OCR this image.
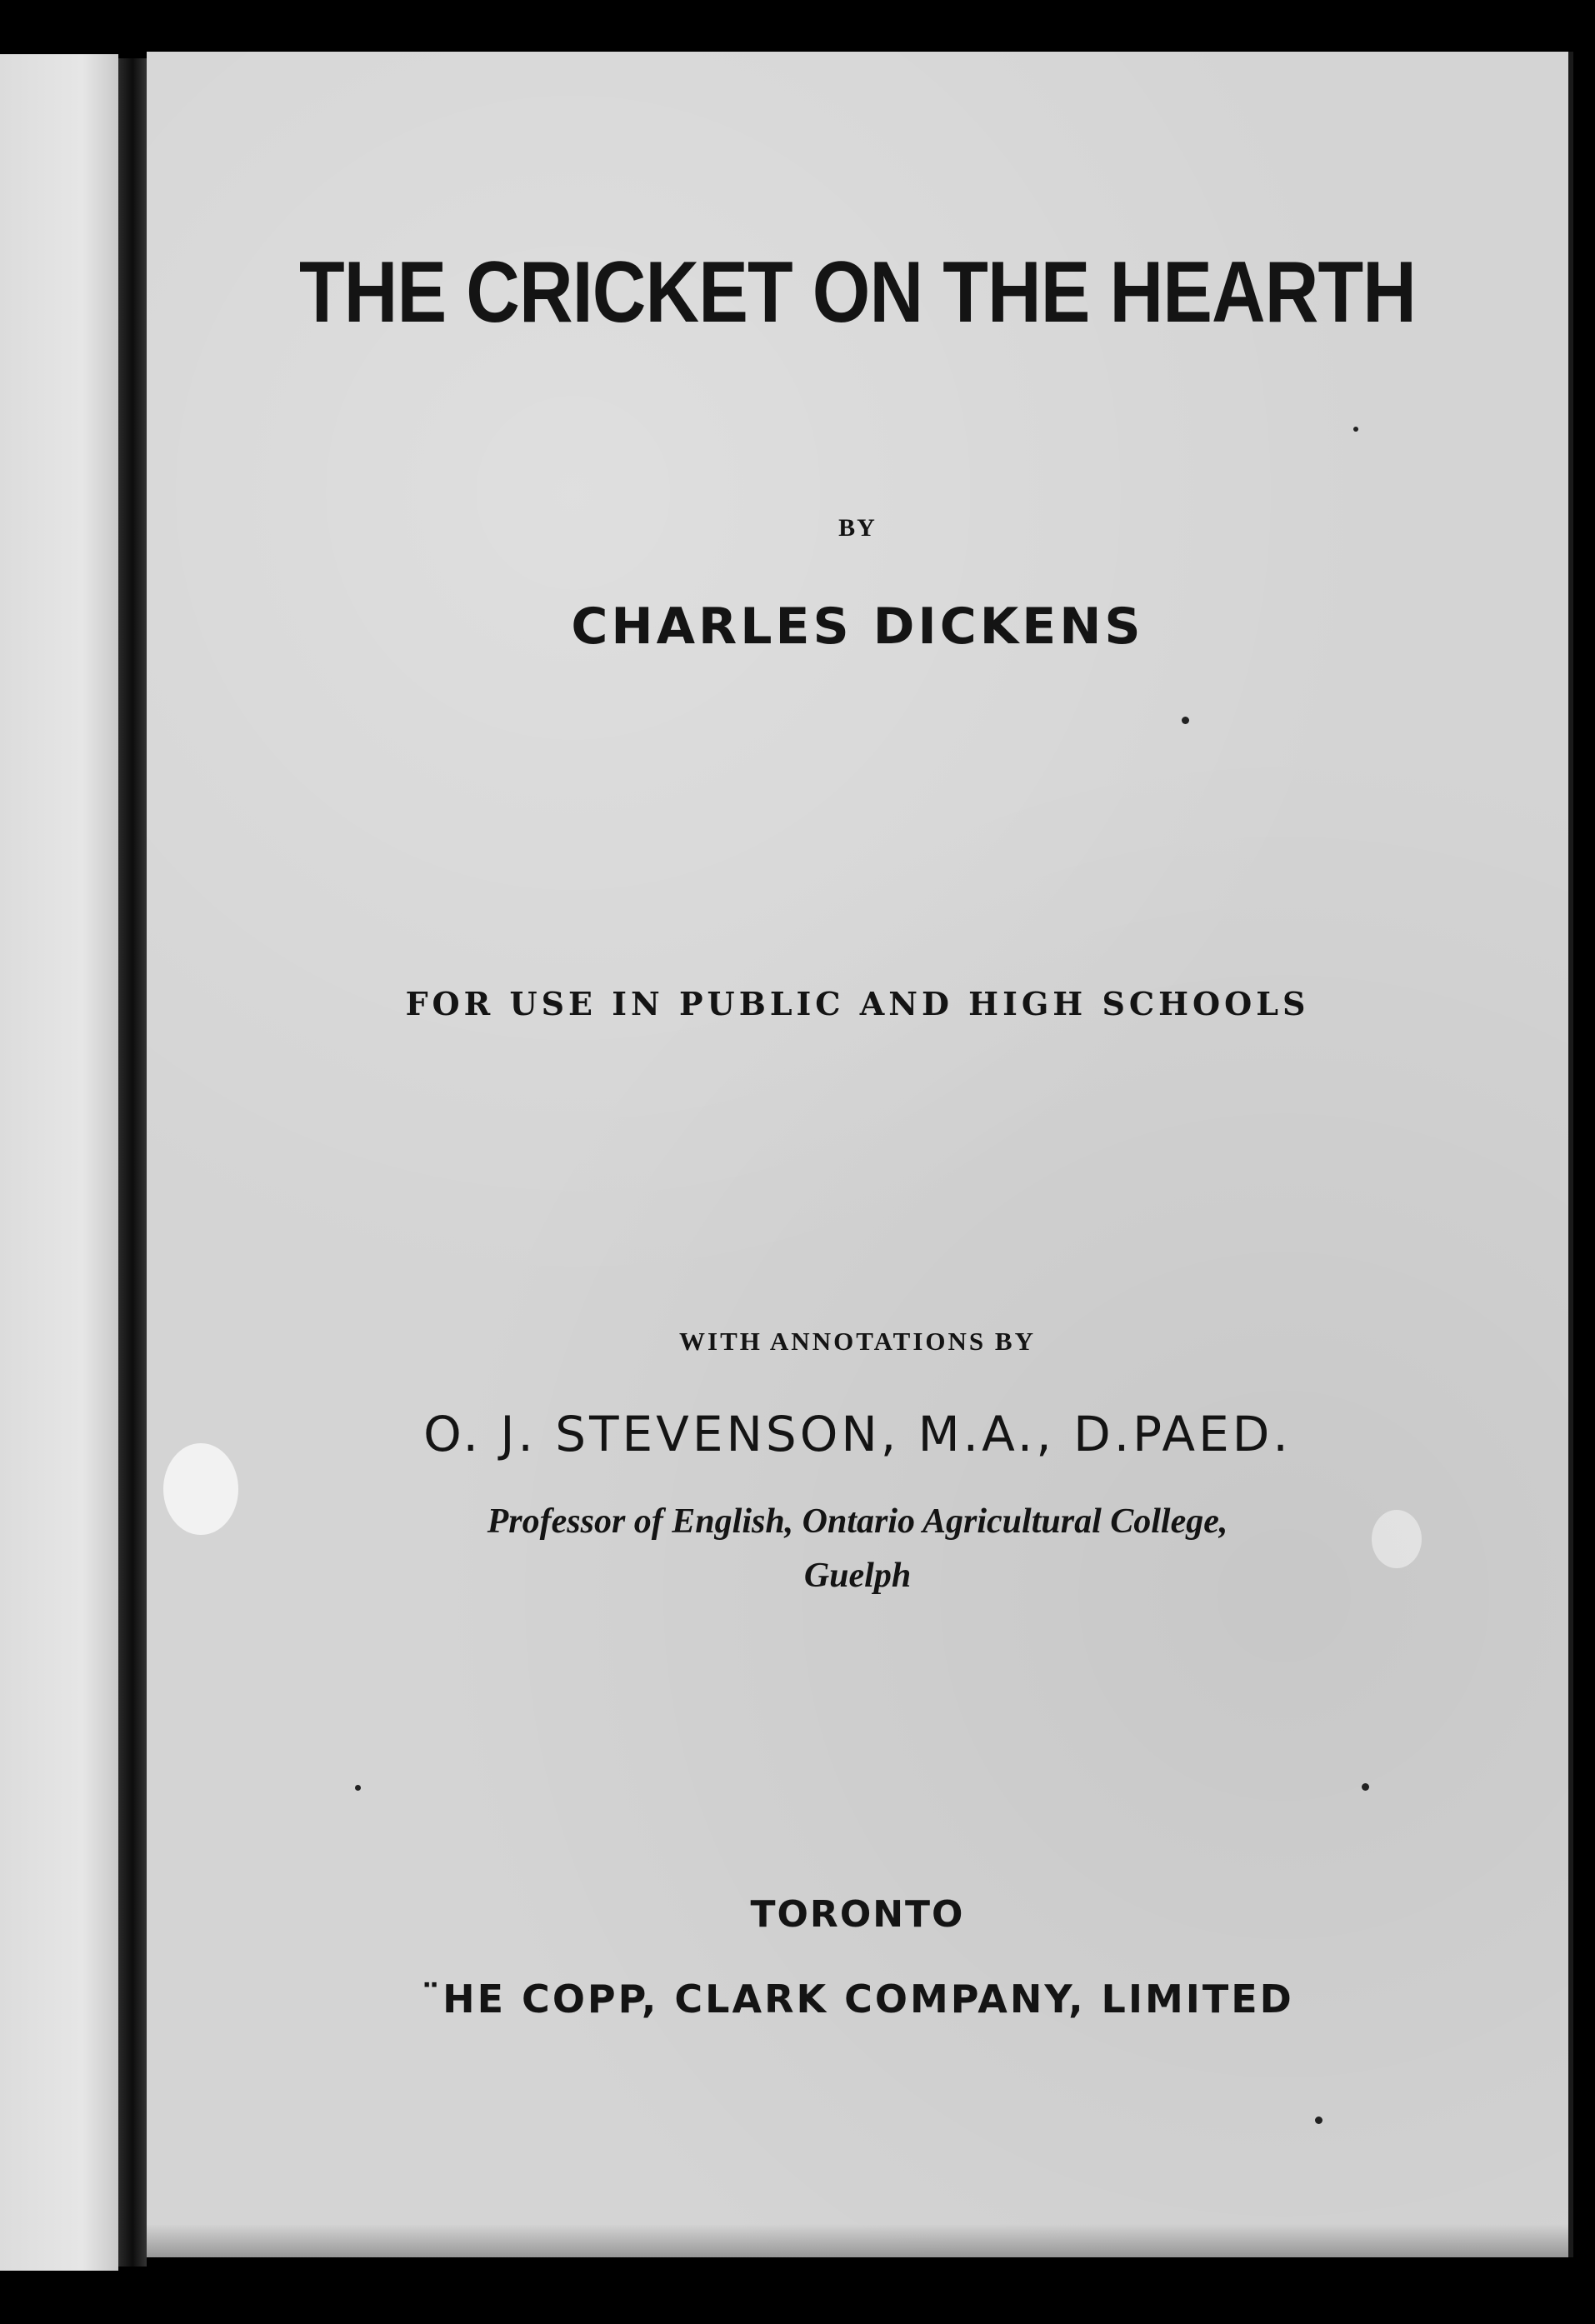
THE CRICKET ON THE HEARTH
BY
CHARLES DICKENS
FOR USE IN PUBLIC AND HIGH SCHOOLS
WITH ANNOTATIONS BY
O. J. STEVENSON, M.A., D.PAED.
Professor of English, Ontario Agricultural College,
Guelph
TORONTO
¨HE COPP, CLARK COMPANY, LIMITED
